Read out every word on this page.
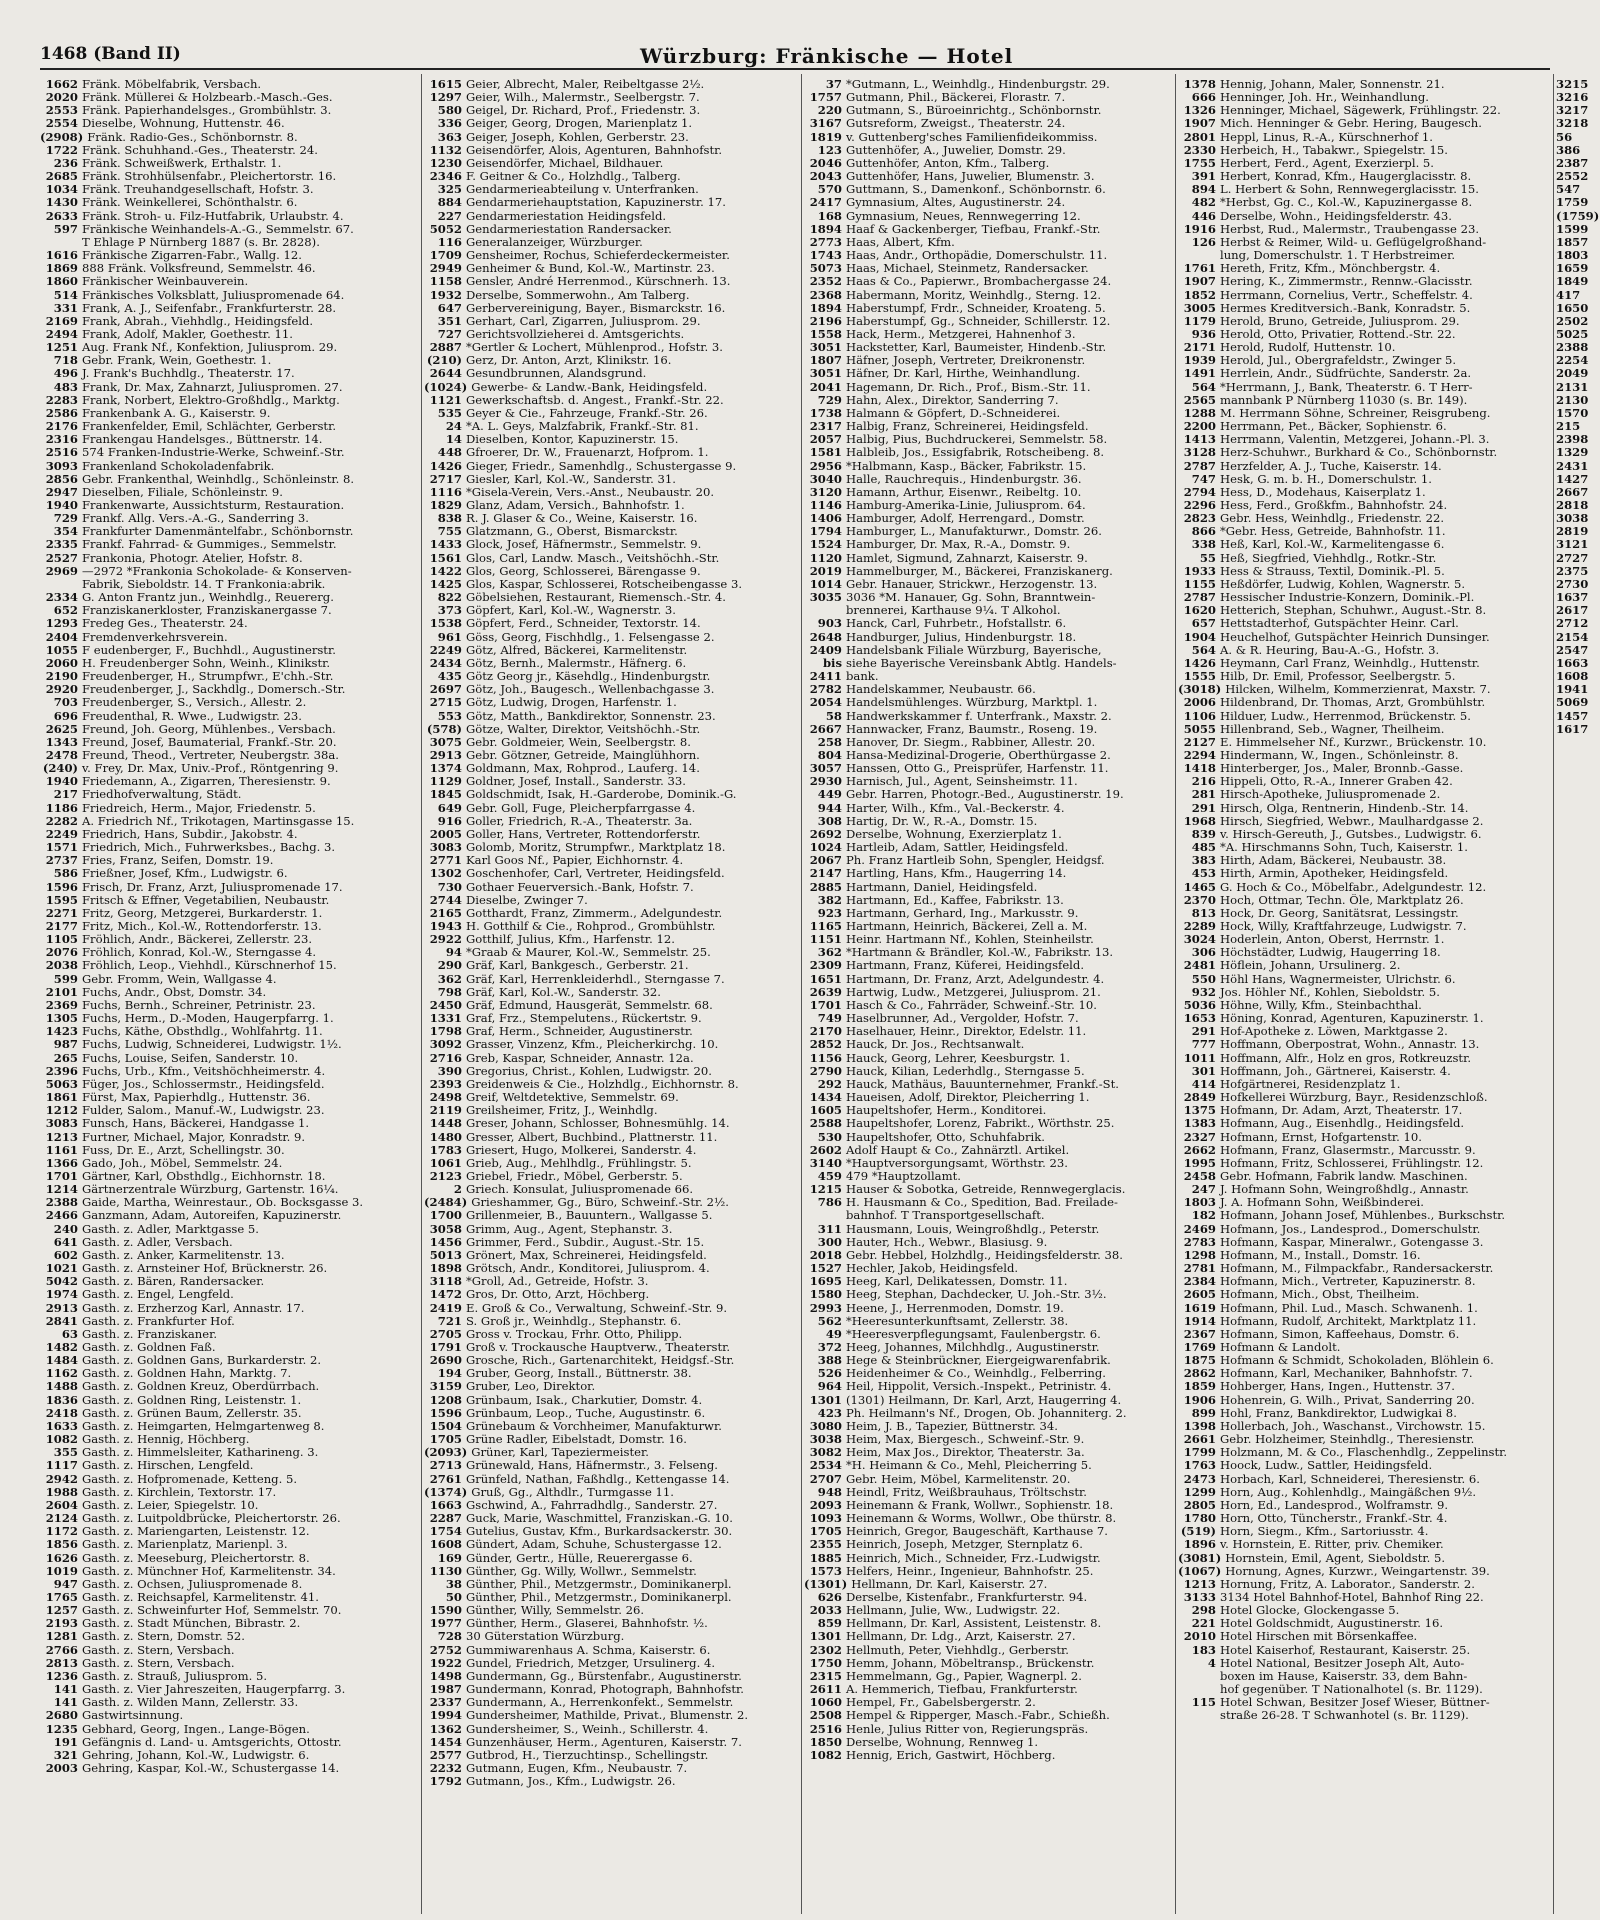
1468 (Band II)	Würzburg: Fränkische — Hotel
1662 Fränk. Möbelfabrik, Versbach.
2020 Fränk. Müllerei & Holzbearb.-Masch.-Ges.
2553 Fränk. Papierhandelsges., Grombühlstr. 3.
2554 Dieselbe, Wohnung, Huttenstr. 46.
(2908) Fränk. Radio-Ges., Schönbornstr. 8.
1722 Fränk. Schuhhand.-Ges., Theaterstr. 24.
236 Fränk. Schweißwerk, Erthalstr. 1.
2685 Fränk. Strohhülsenfabr., Pleichertorstr. 16.
1034 Fränk. Treuhandgesellschaft, Hofstr. 3.
1430 Fränk. Weinkellerei, Schönthalstr. 6.
2633 Fränk. Stroh- u. Filz-Hutfabrik, Urlaubstr. 4.
597 Fränkische Weinhandels-A.-G., Semmelstr. 67.
T Ehlage P Nürnberg 1887 (s. Br. 2828).
1616 Fränkische Zigarren-Fabr., Wallg. 12.
1869 888 Fränk. Volksfreund, Semmelstr. 46.
1860 Fränkischer Weinbauverein.
514 Fränkisches Volksblatt, Juliuspromenade 64.
331 Frank, A. J., Seifenfabr., Frankfurterstr. 28.
2169 Frank, Abrah., Viehhdlg., Heidingsfeld.
2494 Frank, Adolf, Makler, Goethestr. 11.
1251 Aug. Frank Nf., Konfektion, Juliusprom. 29.
718 Gebr. Frank, Wein, Goethestr. 1.
496 J. Frank's Buchhdlg., Theaterstr. 17.
483 Frank, Dr. Max, Zahnarzt, Juliuspromen. 27.
2283 Frank, Norbert, Elektro-Großhdlg., Marktg.
2586 Frankenbank A. G., Kaiserstr. 9.
2176 Frankenfelder, Emil, Schlächter, Gerberstr.
2316 Frankengau Handelsges., Büttnerstr. 14.
2516 574 Franken-Industrie-Werke, Schweinf.-Str.
3093 Frankenland Schokoladenfabrik.
2856 Gebr. Frankenthal, Weinhdlg., Schönleinstr. 8.
2947 Dieselben, Filiale, Schönleinstr. 9.
1940 Frankenwarte, Aussichtsturm, Restauration.
729 Frankf. Allg. Vers.-A.-G., Sanderring 3.
354 Frankfurter Damenmäntelfabr., Schönbornstr.
2335 Frankf. Fahrrad- & Gummiges., Semmelstr.
2527 Frankonia, Photogr. Atelier, Hofstr. 8.
2969 —2972 *Frankonia Schokolade- & Konserven-
Fabrik, Sieboldstr. 14. T Frankonia:abrik.
2334 G. Anton Frantz jun., Weinhdlg., Reuererg.
652 Franziskanerkloster, Franziskanergasse 7.
1293 Fredeg Ges., Theaterstr. 24.
2404 Fremdenverkehrsverein.
1055 F eudenberger, F., Buchhdl., Augustinerstr.
2060 H. Freudenberger Sohn, Weinh., Klinikstr.
2190 Freudenberger, H., Strumpfwr., E'chh.-Str.
2920 Freudenberger, J., Sackhdlg., Domersch.-Str.
703 Freudenberger, S., Versich., Allestr. 2.
696 Freudenthal, R. Wwe., Ludwigstr. 23.
2625 Freund, Joh. Georg, Mühlenbes., Versbach.
1343 Freund, Josef, Baumaterial, Frankf.-Str. 20.
2478 Freund, Theod., Vertreter, Neubergstr. 38a.
(240) v. Frey, Dr. Max, Univ.-Prof., Röntgenring 9.
1940 Friedemann, A., Zigarren, Theresienstr. 9.
217 Friedhofverwaltung, Städt.
1186 Friedreich, Herm., Major, Friedenstr. 5.
2282 A. Friedrich Nf., Trikotagen, Martinsgasse 15.
2249 Friedrich, Hans, Subdir., Jakobstr. 4.
1571 Friedrich, Mich., Fuhrwerksbes., Bachg. 3.
2737 Fries, Franz, Seifen, Domstr. 19.
586 Frießner, Josef, Kfm., Ludwigstr. 6.
1596 Frisch, Dr. Franz, Arzt, Juliuspromenade 17.
1595 Fritsch & Effner, Vegetabilien, Neubaustr.
2271 Fritz, Georg, Metzgerei, Burkarderstr. 1.
2177 Fritz, Mich., Kol.-W., Rottendorferstr. 13.
1105 Fröhlich, Andr., Bäckerei, Zellerstr. 23.
2076 Fröhlich, Konrad, Kol.-W., Sterngasse 4.
2038 Fröhlich, Leop., Viehhdl., Kürschnerhof 15.
599 Gebr. Fromm, Wein, Wallgasse 4.
2101 Fuchs, Andr., Obst, Domstr. 34.
2369 Fuchs, Bernh., Schreiner, Petrinistr. 23.
1305 Fuchs, Herm., D.-Moden, Haugerpfarrg. 1.
1423 Fuchs, Käthe, Obsthdlg., Wohlfahrtg. 11.
987 Fuchs, Ludwig, Schneiderei, Ludwigstr. 1½.
265 Fuchs, Louise, Seifen, Sanderstr. 10.
2396 Fuchs, Urb., Kfm., Veitshöchheimerstr. 4.
5063 Füger, Jos., Schlossermstr., Heidingsfeld.
1861 Fürst, Max, Papierhdlg., Huttenstr. 36.
1212 Fulder, Salom., Manuf.-W., Ludwigstr. 23.
3083 Funsch, Hans, Bäckerei, Handgasse 1.
1213 Furtner, Michael, Major, Konradstr. 9.
1161 Fuss, Dr. E., Arzt, Schellingstr. 30.
1366 Gado, Joh., Möbel, Semmelstr. 24.
1701 Gärtner, Karl, Obsthdlg., Eichhornstr. 18.
1214 Gärtnerzentrale Würzburg, Gartenstr. 16¼.
2388 Gaide, Martha, Weinrestaur., Ob. Bocksgasse 3.
2466 Ganzmann, Adam, Autoreifen, Kapuzinerstr.
240 Gasth. z. Adler, Marktgasse 5.
641 Gasth. z. Adler, Versbach.
602 Gasth. z. Anker, Karmelitenstr. 13.
1021 Gasth. z. Arnsteiner Hof, Brücknerstr. 26.
5042 Gasth. z. Bären, Randersacker.
1974 Gasth. z. Engel, Lengfeld.
2913 Gasth. z. Erzherzog Karl, Annastr. 17.
2841 Gasth. z. Frankfurter Hof.
63 Gasth. z. Franziskaner.
1482 Gasth. z. Goldnen Faß.
1484 Gasth. z. Goldnen Gans, Burkarderstr. 2.
1162 Gasth. z. Goldnen Hahn, Marktg. 7.
1488 Gasth. z. Goldnen Kreuz, Oberdürrbach.
1836 Gasth. z. Goldnen Ring, Leistenstr. 1.
2418 Gasth. z. Grünen Baum, Zellerstr. 35.
1633 Gasth. z. Heimgarten, Helmgartenweg 8.
1082 Gasth. z. Hennig, Höchberg.
355 Gasth. z. Himmelsleiter, Katharineng. 3.
1117 Gasth. z. Hirschen, Lengfeld.
2942 Gasth. z. Hofpromenade, Ketteng. 5.
1988 Gasth. z. Kirchlein, Textorstr. 17.
2604 Gasth. z. Leier, Spiegelstr. 10.
2124 Gasth. z. Luitpoldbrücke, Pleichertorstr. 26.
1172 Gasth. z. Mariengarten, Leistenstr. 12.
1856 Gasth. z. Marienplatz, Marienpl. 3.
1626 Gasth. z. Meeseburg, Pleichertorstr. 8.
1019 Gasth. z. Münchner Hof, Karmelitenstr. 34.
947 Gasth. z. Ochsen, Juliuspromenade 8.
1765 Gasth. z. Reichsapfel, Karmelitenstr. 41.
1257 Gasth. z. Schweinfurter Hof, Semmelstr. 70.
2193 Gasth. z. Stadt München, Bibrastr. 2.
1281 Gasth. z. Stern, Domstr. 52.
2766 Gasth. z. Stern, Versbach.
2813 Gasth. z. Stern, Versbach.
1236 Gasth. z. Strauß, Juliusprom. 5.
141 Gasth. z. Vier Jahreszeiten, Haugerpfarrg. 3.
141 Gasth. z. Wilden Mann, Zellerstr. 33.
2680 Gastwirtsinnung.
1235 Gebhard, Georg, Ingen., Lange-Bögen.
191 Gefängnis d. Land- u. Amtsgerichts, Ottostr.
321 Gehring, Johann, Kol.-W., Ludwigstr. 6.
2003 Gehring, Kaspar, Kol.-W., Schustergasse 14.
1615 Geier, Albrecht, Maler, Reibeltgasse 2½.
1297 Geier, Wilh., Malermstr., Seelbergstr. 7.
580 Geigel, Dr. Richard, Prof., Friedenstr. 3.
336 Geiger, Georg, Drogen, Marienplatz 1.
363 Geiger, Joseph, Kohlen, Gerberstr. 23.
1132 Geisendörfer, Alois, Agenturen, Bahnhofstr.
1230 Geisendörfer, Michael, Bildhauer.
2346 F. Geitner & Co., Holzhdlg., Talberg.
325 Gendarmerieabteilung v. Unterfranken.
884 Gendarmeriehauptstation, Kapuzinerstr. 17.
227 Gendarmeriestation Heidingsfeld.
5052 Gendarmeriestation Randersacker.
116 Generalanzeiger, Würzburger.
1709 Gensheimer, Rochus, Schieferdeckermeister.
2949 Genheimer & Bund, Kol.-W., Martinstr. 23.
1158 Gensler, André Herrenmod., Kürschnerh. 13.
1932 Derselbe, Sommerwohn., Am Talberg.
647 Gerbervereinigung, Bayer., Bismarckstr. 16.
351 Gerhart, Carl, Zigarren, Juliusprom. 29.
727 Gerichtsvollzieherei d. Amtsgerichts.
2887 *Gertler & Lochert, Mühlenprod., Hofstr. 3.
(210) Gerz, Dr. Anton, Arzt, Klinikstr. 16.
2644 Gesundbrunnen, Alandsgrund.
(1024) Gewerbe- & Landw.-Bank, Heidingsfeld.
1121 Gewerkschaftsb. d. Angest., Frankf.-Str. 22.
535 Geyer & Cie., Fahrzeuge, Frankf.-Str. 26.
24 *A. L. Geys, Malzfabrik, Frankf.-Str. 81.
14 Dieselben, Kontor, Kapuzinerstr. 15.
448 Gfroerer, Dr. W., Frauenarzt, Hofprom. 1.
1426 Gieger, Friedr., Samenhdlg., Schustergasse 9.
2717 Giesler, Karl, Kol.-W., Sanderstr. 31.
1116 *Gisela-Verein, Vers.-Anst., Neubaustr. 20.
1829 Glanz, Adam, Versich., Bahnhofstr. 1.
838 R. J. Glaser & Co., Weine, Kaiserstr. 16.
755 Glatzmann, G., Oberst, Bismarckstr.
1433 Glock, Josef, Häfnermstr., Semmelstr. 9.
1561 Glos, Carl, Landw. Masch., Veitshöchh.-Str.
1422 Glos, Georg, Schlosserei, Bärengasse 9.
1425 Glos, Kaspar, Schlosserei, Rotscheibengasse 3.
822 Göbelsiehen, Restaurant, Riemensch.-Str. 4.
373 Göpfert, Karl, Kol.-W., Wagnerstr. 3.
1538 Göpfert, Ferd., Schneider, Textorstr. 14.
961 Göss, Georg, Fischhdlg., 1. Felsengasse 2.
2249 Götz, Alfred, Bäckerei, Karmelitenstr.
2434 Götz, Bernh., Malermstr., Häfnerg. 6.
435 Götz Georg jr., Käsehdlg., Hindenburgstr.
2697 Götz, Joh., Baugesch., Wellenbachgasse 3.
2715 Götz, Ludwig, Drogen, Harfenstr. 1.
553 Götz, Matth., Bankdirektor, Sonnenstr. 23.
(578) Götze, Walter, Direktor, Veitshöchh.-Str.
3075 Gebr. Goldmeier, Wein, Seelbergstr. 8.
2913 Gebr. Götzner, Getreide, Mainglühhorn.
1374 Goldmann, Max, Rohprod., Lauferg. 14.
1129 Goldner, Josef, Install., Sanderstr. 33.
1845 Goldschmidt, Isak, H.-Garderobe, Dominik.-G.
649 Gebr. Goll, Fuge, Pleicherpfarrgasse 4.
916 Goller, Friedrich, R.-A., Theaterstr. 3a.
2005 Goller, Hans, Vertreter, Rottendorferstr.
3083 Golomb, Moritz, Strumpfwr., Marktplatz 18.
2771 Karl Goos Nf., Papier, Eichhornstr. 4.
1302 Goschenhofer, Carl, Vertreter, Heidingsfeld.
730 Gothaer Feuerversich.-Bank, Hofstr. 7.
2744 Dieselbe, Zwinger 7.
2165 Gotthardt, Franz, Zimmerm., Adelgundestr.
1943 H. Gotthilf & Cie., Rohprod., Grombühlstr.
2922 Gotthilf, Julius, Kfm., Harfenstr. 12.
94 *Graab & Maurer, Kol.-W., Semmelstr. 25.
290 Gräf, Karl, Bankgesch., Gerberstr. 21.
362 Gräf, Karl, Herrenkleiderhdl., Sterngasse 7.
798 Gräf, Karl, Kol.-W., Sanderstr. 32.
2450 Gräf, Edmund, Hausgerät, Semmelstr. 68.
1331 Graf, Frz., Stempelutens., Rückertstr. 9.
1798 Graf, Herm., Schneider, Augustinerstr.
3092 Grasser, Vinzenz, Kfm., Pleicherkirchg. 10.
2716 Greb, Kaspar, Schneider, Annastr. 12a.
390 Gregorius, Christ., Kohlen, Ludwigstr. 20.
2393 Greidenweis & Cie., Holzhdlg., Eichhornstr. 8.
2498 Greif, Weltdetektive, Semmelstr. 69.
2119 Greilsheimer, Fritz, J., Weinhdlg.
1448 Greser, Johann, Schlosser, Bohnesmühlg. 14.
1480 Gresser, Albert, Buchbind., Plattnerstr. 11.
1783 Griesert, Hugo, Molkerei, Sanderstr. 4.
1061 Grieb, Aug., Mehlhdlg., Frühlingstr. 5.
2123 Griebel, Friedr., Möbel, Gerberstr. 5.
2 Griech. Konsulat, Juliuspromenade 66.
(2484) Grieshammer, Gg., Büro, Schweinf.-Str. 2½.
1700 Grillenmeier, B., Bauuntern., Wallgasse 5.
3058 Grimm, Aug., Agent, Stephanstr. 3.
1456 Grimmer, Ferd., Subdir., August.-Str. 15.
5013 Grönert, Max, Schreinerei, Heidingsfeld.
1898 Grötsch, Andr., Konditorei, Juliusprom. 4.
3118 *Groll, Ad., Getreide, Hofstr. 3.
1472 Gros, Dr. Otto, Arzt, Höchberg.
2419 E. Groß & Co., Verwaltung, Schweinf.-Str. 9.
721 S. Groß jr., Weinhdlg., Stephanstr. 6.
2705 Gross v. Trockau, Frhr. Otto, Philipp.
1791 Groß v. Trockausche Hauptverw., Theaterstr.
2690 Grosche, Rich., Gartenarchitekt, Heidgsf.-Str.
194 Gruber, Georg, Install., Büttnerstr. 38.
3159 Gruber, Leo, Direktor.
1208 Grünbaum, Isak., Charkutier, Domstr. 4.
1596 Grünbaum, Leop., Tuche, Augustinstr. 6.
1504 Grünebaum & Vorchheimer, Manufakturwr.
1705 Grüne Radler, Eibelstadt, Domstr. 16.
(2093) Grüner, Karl, Tapeziermeister.
2713 Grünewald, Hans, Häfnermstr., 3. Felseng.
2761 Grünfeld, Nathan, Faßhdlg., Kettengasse 14.
(1374) Gruß, Gg., Althdlr., Turmgasse 11.
1663 Gschwind, A., Fahrradhdlg., Sanderstr. 27.
2287 Guck, Marie, Waschmittel, Franziskan.-G. 10.
1754 Gutelius, Gustav, Kfm., Burkardsackerstr. 30.
1608 Gündert, Adam, Schuhe, Schustergasse 12.
169 Günder, Gertr., Hülle, Reuerergasse 6.
1130 Günther, Gg. Willy, Wollwr., Semmelstr.
38 Günther, Phil., Metzgermstr., Dominikanerpl.
50 Günther, Phil., Metzgermstr., Dominikanerpl.
1590 Günther, Willy, Semmelstr. 26.
1977 Günther, Herm., Glaserei, Bahnhofstr. ½.
728 30 Güterstation Würzburg.
2752 Gummiwarenhaus A. Schma, Kaiserstr. 6.
1922 Gundel, Friedrich, Metzger, Ursulinerg. 4.
1498 Gundermann, Gg., Bürstenfabr., Augustinerstr.
1987 Gundermann, Konrad, Photograph, Bahnhofstr.
2337 Gundermann, A., Herrenkonfekt., Semmelstr.
1994 Gundersheimer, Mathilde, Privat., Blumenstr. 2.
1362 Gundersheimer, S., Weinh., Schillerstr. 4.
1454 Gunzenhäuser, Herm., Agenturen, Kaiserstr. 7.
2577 Gutbrod, H., Tierzuchtinsp., Schellingstr.
2232 Gutmann, Eugen, Kfm., Neubaustr. 7.
1792 Gutmann, Jos., Kfm., Ludwigstr. 26.
37 *Gutmann, L., Weinhdlg., Hindenburgstr. 29.
1757 Gutmann, Phil., Bäckerei, Florastr. 7.
220 Gutmann, S., Büroeinrichtg., Schönbornstr.
3167 Gutsreform, Zweigst., Theaterstr. 24.
1819 v. Guttenberg'sches Familienfideikommiss.
123 Guttenhöfer, A., Juwelier, Domstr. 29.
2046 Guttenhöfer, Anton, Kfm., Talberg.
2043 Guttenhöfer, Hans, Juwelier, Blumenstr. 3.
570 Guttmann, S., Damenkonf., Schönbornstr. 6.
2417 Gymnasium, Altes, Augustinerstr. 24.
168 Gymnasium, Neues, Rennwegerring 12.
1894 Haaf & Gackenberger, Tiefbau, Frankf.-Str.
2773 Haas, Albert, Kfm.
1743 Haas, Andr., Orthopädie, Domerschulstr. 11.
5073 Haas, Michael, Steinmetz, Randersacker.
2352 Haas & Co., Papierwr., Brombachergasse 24.
2368 Habermann, Moritz, Weinhdlg., Sterng. 12.
1894 Haberstumpf, Frdr., Schneider, Kroateng. 5.
2196 Haberstumpf, Gg., Schneider, Schillerstr. 12.
1558 Hack, Herm., Metzgerei, Hahnenhof 3.
3051 Hackstetter, Karl, Baumeister, Hindenb.-Str.
1807 Häfner, Joseph, Vertreter, Dreikronenstr.
3051 Häfner, Dr. Karl, Hirthe, Weinhandlung.
2041 Hagemann, Dr. Rich., Prof., Bism.-Str. 11.
729 Hahn, Alex., Direktor, Sanderring 7.
1738 Halmann & Göpfert, D.-Schneiderei.
2317 Halbig, Franz, Schreinerei, Heidingsfeld.
2057 Halbig, Pius, Buchdruckerei, Semmelstr. 58.
1581 Halbleib, Jos., Essigfabrik, Rotscheibeng. 8.
2956 *Halbmann, Kasp., Bäcker, Fabrikstr. 15.
3040 Halle, Rauchrequis., Hindenburgstr. 36.
3120 Hamann, Arthur, Eisenwr., Reibeltg. 10.
1146 Hamburg-Amerika-Linie, Juliusprom. 64.
1406 Hamburger, Adolf, Herrengard., Domstr.
1794 Hamburger, L., Manufakturwr., Domstr. 26.
1524 Hamburger, Dr. Max, R.-A., Domstr. 9.
1120 Hamlet, Sigmund, Zahnarzt, Kaiserstr. 9.
2019 Hammelburger, M., Bäckerei, Franziskanerg.
1014 Gebr. Hanauer, Strickwr., Herzogenstr. 13.
3035 3036 *M. Hanauer, Gg. Sohn, Branntwein-
brennerei, Karthause 9¼. T Alkohol.
903 Hanck, Carl, Fuhrbetr., Hofstallstr. 6.
2648 Handburger, Julius, Hindenburgstr. 18.
2409 Handelsbank Filiale Würzburg, Bayerische,
bis siehe Bayerische Vereinsbank Abtlg. Handels-
2411 bank.
2782 Handelskammer, Neubaustr. 66.
2054 Handelsmühlenges. Würzburg, Marktpl. 1.
58 Handwerkskammer f. Unterfrank., Maxstr. 2.
2667 Hannwacker, Franz, Baumstr., Roseng. 19.
258 Hanover, Dr. Siegm., Rabbiner, Allestr. 20.
804 Hansa-Medizinal-Drogerie, Oberthürgasse 2.
3057 Hanssen, Otto G., Preisprüfer, Harfenstr. 11.
2930 Harnisch, Jul., Agent, Seinsheimstr. 11.
449 Gebr. Harren, Photogr.-Bed., Augustinerstr. 19.
944 Harter, Wilh., Kfm., Val.-Beckerstr. 4.
308 Hartig, Dr. W., R.-A., Domstr. 15.
2692 Derselbe, Wohnung, Exerzierplatz 1.
1024 Hartleib, Adam, Sattler, Heidingsfeld.
2067 Ph. Franz Hartleib Sohn, Spengler, Heidgsf.
2147 Hartling, Hans, Kfm., Haugerring 14.
2885 Hartmann, Daniel, Heidingsfeld.
382 Hartmann, Ed., Kaffee, Fabrikstr. 13.
923 Hartmann, Gerhard, Ing., Markusstr. 9.
1165 Hartmann, Heinrich, Bäckerei, Zell a. M.
1151 Heinr. Hartmann Nf., Kohlen, Steinheilstr.
362 *Hartmann & Brändler, Kol.-W., Fabrikstr. 13.
2309 Hartmann, Franz, Küferei, Heidingsfeld.
1651 Hartmann, Dr. Franz, Arzt, Adelgundestr. 4.
2639 Hartwig, Ludw., Metzgerei, Juliusprom. 21.
1701 Hasch & Co., Fahrräder, Schweinf.-Str. 10.
749 Haselbrunner, Ad., Vergolder, Hofstr. 7.
2170 Haselhauer, Heinr., Direktor, Edelstr. 11.
2852 Hauck, Dr. Jos., Rechtsanwalt.
1156 Hauck, Georg, Lehrer, Keesburgstr. 1.
2790 Hauck, Kilian, Lederhdlg., Sterngasse 5.
292 Hauck, Mathäus, Bauunternehmer, Frankf.-St.
1434 Haueisen, Adolf, Direktor, Pleicherring 1.
1605 Haupeltshofer, Herm., Konditorei.
2588 Haupeltshofer, Lorenz, Fabrikt., Wörthstr. 25.
530 Haupeltshofer, Otto, Schuhfabrik.
2602 Adolf Haupt & Co., Zahnärztl. Artikel.
3140 *Hauptversorgungsamt, Wörthstr. 23.
459 479 *Hauptzollamt.
1215 Hauser & Sobotka, Getreide, Rennwegerglacis.
786 H. Hausmann & Co., Spedition, Bad. Freilade-
bahnhof. T Transportgesellschaft.
311 Hausmann, Louis, Weingroßhdlg., Peterstr.
300 Hauter, Hch., Webwr., Blasiusg. 9.
2018 Gebr. Hebbel, Holzhdlg., Heidingsfelderstr. 38.
1527 Hechler, Jakob, Heidingsfeld.
1695 Heeg, Karl, Delikatessen, Domstr. 11.
1580 Heeg, Stephan, Dachdecker, U. Joh.-Str. 3½.
2993 Heene, J., Herrenmoden, Domstr. 19.
562 *Heeresunterkunftsamt, Zellerstr. 38.
49 *Heeresverpflegungsamt, Faulenbergstr. 6.
372 Heeg, Johannes, Milchhdlg., Augustinerstr.
388 Hege & Steinbrückner, Eiergeigwarenfabrik.
526 Heidenheimer & Co., Weinhdlg., Felberring.
964 Heil, Hippolit, Versich.-Inspekt., Petrinistr. 4.
1301 (1301) Heilmann, Dr. Karl, Arzt, Haugerring 4.
423 Ph. Heilmann's Nf., Drogen, Ob. Johanniterg. 2.
3080 Heim, J. B., Tapezier, Büttnerstr. 34.
3038 Heim, Max, Biergesch., Schweinf.-Str. 9.
3082 Heim, Max Jos., Direktor, Theaterstr. 3a.
2534 *H. Heimann & Co., Mehl, Pleicherring 5.
2707 Gebr. Heim, Möbel, Karmelitenstr. 20.
948 Heindl, Fritz, Weißbrauhaus, Tröltschstr.
2093 Heinemann & Frank, Wollwr., Sophienstr. 18.
1093 Heinemann & Worms, Wollwr., Obe thürstr. 8.
1705 Heinrich, Gregor, Baugeschäft, Karthause 7.
2355 Heinrich, Joseph, Metzger, Sternplatz 6.
1885 Heinrich, Mich., Schneider, Frz.-Ludwigstr.
1573 Helfers, Heinr., Ingenieur, Bahnhofstr. 25.
(1301) Hellmann, Dr. Karl, Kaiserstr. 27.
626 Derselbe, Kistenfabr., Frankfurterstr. 94.
2033 Hellmann, Julie, Ww., Ludwigstr. 22.
859 Hellmann, Dr. Karl, Assistent, Leistenstr. 8.
1301 Hellmann, Dr. Ldg., Arzt, Kaiserstr. 27.
2302 Hellmuth, Peter, Viehhdlg., Gerberstr.
1750 Hemm, Johann, Möbeltransp., Brückenstr.
2315 Hemmelmann, Gg., Papier, Wagnerpl. 2.
2611 A. Hemmerich, Tiefbau, Frankfurterstr.
1060 Hempel, Fr., Gabelsbergerstr. 2.
2508 Hempel & Ripperger, Masch.-Fabr., Schießh.
2516 Henle, Julius Ritter von, Regierungspräs.
1850 Derselbe, Wohnung, Rennweg 1.
1082 Hennig, Erich, Gastwirt, Höchberg.
1378 Hennig, Johann, Maler, Sonnenstr. 21.
666 Henninger, Joh. Hr., Weinhandlung.
1326 Henninger, Michael, Sägewerk, Frühlingstr. 22.
1907 Mich. Henninger & Gebr. Hering, Baugesch.
2801 Heppl, Linus, R.-A., Kürschnerhof 1.
2330 Herbeich, H., Tabakwr., Spiegelstr. 15.
1755 Herbert, Ferd., Agent, Exerzierpl. 5.
391 Herbert, Konrad, Kfm., Haugerglacisstr. 8.
894 L. Herbert & Sohn, Rennwegerglacisstr. 15.
482 *Herbst, Gg. C., Kol.-W., Kapuzinergasse 8.
446 Derselbe, Wohn., Heidingsfelderstr. 43.
1916 Herbst, Rud., Malermstr., Traubengasse 23.
126 Herbst & Reimer, Wild- u. Geflügelgroßhand-
lung, Domerschulstr. 1. T Herbstreimer.
1761 Hereth, Fritz, Kfm., Mönchbergstr. 4.
1907 Hering, K., Zimmermstr., Rennw.-Glacisstr.
1852 Herrmann, Cornelius, Vertr., Scheffelstr. 4.
3005 Hermes Kreditversich.-Bank, Konradstr. 5.
1179 Herold, Bruno, Getreide, Juliusprom. 29.
936 Herold, Otto, Privatier, Rottend.-Str. 22.
2171 Herold, Rudolf, Huttenstr. 10.
1939 Herold, Jul., Obergrafeldstr., Zwinger 5.
1491 Herrlein, Andr., Südfrüchte, Sanderstr. 2a.
564 *Herrmann, J., Bank, Theaterstr. 6. T Herr-
2565 mannbank P Nürnberg 11030 (s. Br. 149).
1288 M. Herrmann Söhne, Schreiner, Reisgrubeng.
2200 Herrmann, Pet., Bäcker, Sophienstr. 6.
1413 Herrmann, Valentin, Metzgerei, Johann.-Pl. 3.
3128 Herz-Schuhwr., Burkhard & Co., Schönbornstr.
2787 Herzfelder, A. J., Tuche, Kaiserstr. 14.
747 Hesk, G. m. b. H., Domerschulstr. 1.
2794 Hess, D., Modehaus, Kaiserplatz 1.
2296 Hess, Ferd., Großkfm., Bahnhofstr. 24.
2823 Gebr. Hess, Weinhdlg., Friedenstr. 22.
866 *Gebr. Hess, Getreide, Bahnhofstr. 11.
338 Heß, Karl, Kol.-W., Karmelitengasse 6.
55 Heß, Siegfried, Viehhdlg., Rotkr.-Str.
1933 Hess & Strauss, Textil, Dominik.-Pl. 5.
1155 Heßdörfer, Ludwig, Kohlen, Wagnerstr. 5.
2787 Hessischer Industrie-Konzern, Dominik.-Pl.
1620 Hetterich, Stephan, Schuhwr., August.-Str. 8.
657 Hettstadterhof, Gutspächter Heinr. Carl.
1904 Heuchelhof, Gutspächter Heinrich Dunsinger.
564 A. & R. Heuring, Bau-A.-G., Hofstr. 3.
1426 Heymann, Carl Franz, Weinhdlg., Huttenstr.
1555 Hilb, Dr. Emil, Professor, Seelbergstr. 5.
(3018) Hilcken, Wilhelm, Kommerzienrat, Maxstr. 7.
2006 Hildenbrand, Dr. Thomas, Arzt, Grombühlstr.
1106 Hilduer, Ludw., Herrenmod, Brückenstr. 5.
5055 Hillenbrand, Seb., Wagner, Theilheim.
2127 E. Himmelseher Nf., Kurzwr., Brückenstr. 10.
2294 Hindermann, W., Ingen., Schönleinstr. 8.
1418 Hinterberger, Jos., Maler, Bronnb.-Gasse.
216 Hippeli, Otto, R.-A., Innerer Graben 42.
281 Hirsch-Apotheke, Juliuspromenade 2.
291 Hirsch, Olga, Rentnerin, Hindenb.-Str. 14.
1968 Hirsch, Siegfried, Webwr., Maulhardgasse 2.
839 v. Hirsch-Gereuth, J., Gutsbes., Ludwigstr. 6.
485 *A. Hirschmanns Sohn, Tuch, Kaiserstr. 1.
383 Hirth, Adam, Bäckerei, Neubaustr. 38.
453 Hirth, Armin, Apotheker, Heidingsfeld.
1465 G. Hoch & Co., Möbelfabr., Adelgundestr. 12.
2370 Hoch, Ottmar, Techn. Öle, Marktplatz 26.
813 Hock, Dr. Georg, Sanitätsrat, Lessingstr.
2289 Hock, Willy, Kraftfahrzeuge, Ludwigstr. 7.
3024 Hoderlein, Anton, Oberst, Herrnstr. 1.
306 Höchstädter, Ludwig, Haugerring 18.
2481 Höflein, Johann, Ursulinerg. 2.
550 Höhl Hans, Wagnermeister, Ulrichstr. 6.
932 Jos. Höhler Nf., Kohlen, Sieboldstr. 5.
5036 Höhne, Willy, Kfm., Steinbachthal.
1653 Höning, Konrad, Agenturen, Kapuzinerstr. 1.
291 Hof-Apotheke z. Löwen, Marktgasse 2.
777 Hoffmann, Oberpostrat, Wohn., Annastr. 13.
1011 Hoffmann, Alfr., Holz en gros, Rotkreuzstr.
301 Hoffmann, Joh., Gärtnerei, Kaiserstr. 4.
414 Hofgärtnerei, Residenzplatz 1.
2849 Hofkellerei Würzburg, Bayr., Residenzschloß.
1375 Hofmann, Dr. Adam, Arzt, Theaterstr. 17.
1383 Hofmann, Aug., Eisenhdlg., Heidingsfeld.
2327 Hofmann, Ernst, Hofgartenstr. 10.
2662 Hofmann, Franz, Glasermstr., Marcusstr. 9.
1995 Hofmann, Fritz, Schlosserei, Frühlingstr. 12.
2458 Gebr. Hofmann, Fabrik landw. Maschinen.
247 J. Hofmann Sohn, Weingroßhdlg., Annastr.
1803 J. A. Hofmann Sohn, Weißbinderei.
182 Hofmann, Johann Josef, Mühlenbes., Burkschstr.
2469 Hofmann, Jos., Landesprod., Domerschulstr.
2783 Hofmann, Kaspar, Mineralwr., Gotengasse 3.
1298 Hofmann, M., Install., Domstr. 16.
2781 Hofmann, M., Filmpackfabr., Randersackerstr.
2384 Hofmann, Mich., Vertreter, Kapuzinerstr. 8.
2605 Hofmann, Mich., Obst, Theilheim.
1619 Hofmann, Phil. Lud., Masch. Schwanenh. 1.
1914 Hofmann, Rudolf, Architekt, Marktplatz 11.
2367 Hofmann, Simon, Kaffeehaus, Domstr. 6.
1769 Hofmann & Landolt.
1875 Hofmann & Schmidt, Schokoladen, Blöhlein 6.
2862 Hofmann, Karl, Mechaniker, Bahnhofstr. 7.
1859 Hohberger, Hans, Ingen., Huttenstr. 37.
1906 Hohenrein, G. Wilh., Privat, Sanderring 20.
899 Hohl, Franz, Bankdirektor, Ludwigkai 8.
1398 Hollerbach, Joh., Waschanst., Virchowstr. 15.
2661 Gebr. Holzheimer, Steinhdlg., Theresienstr.
1799 Holzmann, M. & Co., Flaschenhdlg., Zeppelinstr.
1763 Hoock, Ludw., Sattler, Heidingsfeld.
2473 Horbach, Karl, Schneiderei, Theresienstr. 6.
1299 Horn, Aug., Kohlenhdlg., Maingäßchen 9½.
2805 Horn, Ed., Landesprod., Wolframstr. 9.
1780 Horn, Otto, Tüncherstr., Frankf.-Str. 4.
(519) Horn, Siegm., Kfm., Sartoriusstr. 4.
1896 v. Hornstein, E. Ritter, priv. Chemiker.
(3081) Hornstein, Emil, Agent, Sieboldstr. 5.
(1067) Hornung, Agnes, Kurzwr., Weingartenstr. 39.
1213 Hornung, Fritz, A. Laborator., Sanderstr. 2.
3133 3134 Hotel Bahnhof-Hotel, Bahnhof Ring 22.
298 Hotel Glocke, Glockengasse 5.
221 Hotel Goldschmidt, Augustinerstr. 16.
2010 Hotel Hirschen mit Börsenkaffee.
183 Hotel Kaiserhof, Restaurant, Kaiserstr. 25.
4 Hotel National, Besitzer Joseph Alt, Auto-
boxen im Hause, Kaiserstr. 33, dem Bahn-
hof gegenüber. T Nationalhotel (s. Br. 1129).
115 Hotel Schwan, Besitzer Josef Wieser, Büttner-
straße 26-28. T Schwanhotel (s. Br. 1129).
3215
3216
3217
3218
56
386
2387
2552
547
1759
(1759)
1599
1857
1803
1659
1849
417
1650
2502
5025
2388
2254
2049
2131
2130
1570
215
2398
1329
2431
1427
2667
2818
3038
2819
3121
2727
2375
2730
1637
2617
2712
2154
2547
1663
1608
1941
5069
1457
1617
